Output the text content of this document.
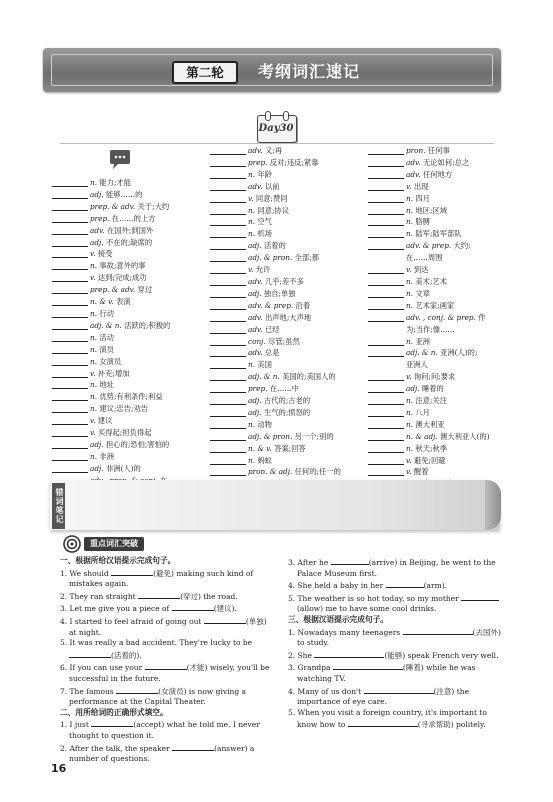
第二轮	考纲词汇速记
Day30
n. 能力;才能
adj. 能够……的
prep. & adv. 关于;大约
prep. 在……的上方
adv. 在国外;到国外
adj. 不在的;缺席的
v. 接受
n. 事故;意外的事
v. 达到;完成;成功
prep. & adv. 穿过
n. & v. 表演
n. 行动
adj. & n. 活跃的;积极的
n. 活动
n. 演员
n. 女演员
v. 补充;增加
n. 地址
n. 优势;有利条件;利益
n. 建议;忠告;劝告
v. 建议
v. 买得起;担负得起
adj. 担心的;恐怕;害怕的
n. 非洲
adj. 非洲(人)的
adv. 又;再
prep. 反对;违反;紧靠
n. 年龄
adv. 以前
v. 同意;赞同
n. 同意;协议
n. 空气
n. 机场
adj. 活着的
adj. & pron. 全部;都
v. 允许
adv. 几乎;差不多
adj. 独自;单独
adv. & prep. 沿着
adv. 出声地;大声地
adv. 已经
conj. 尽管;虽然
adv. 总是
n. 美国
adj. & n. 美国的;美国人的
prep. 在……中
adj. 古代的;古老的
adj. 生气的;愤怒的
n. 动物
adj. & pron. 另一个;别的
n. & v. 答案;回答
n. 蚂蚁
pron. & adj. 任何的;任一的
pron. 任何事
adv. 无论如何;总之
adv. 任何地方
v. 出现
n. 四月
n. 地区;区域
n. 胳膊
n. 陆军;陆军部队
adv. & prep. 大约;
在……周围
v. 到达
n. 美术;艺术
n. 文章
n. 艺术家;画家
adv. , conj. & prep. 作
为;当作;像……
n. 亚洲
adj. & n. 亚洲(人)的;
亚洲人
v. 询问;问;要求
adj. 睡着的
n. 注意;关注
n. 八月
n. 澳大利亚
n. & adj. 澳大利亚人(的)
n. 秋天;秋季
v. 避免;回避
v. 醒着
错词笔记
重点词汇突破

一、根据所给汉语提示完成句子。

1. We should	(避免) making such kind of mistakes again.

2. They ran straight	(穿过) the road.

3. Let me give you a piece of	(建议).

4. I started to feel afraid of going out	(单独) at night.

5. It was really a bad accident. They're lucky to be (活着的).

6. If you can use your	(才能) wisely, you'll be successful in the future.

7. The famous	(女演员) is now giving a performance at the Capital Theater.

二、用所给词的正确形式填空。

1. I just	(accept) what he told me. I never thought to question it.

2. After the talk, the speaker	(answer) a number of questions.

3. After he	(arrive) in Beijing, he went to the Palace Museum first.

4. She held a baby in her	(arm).

5. The weather is so hot today, so my mother (allow) me to have some cool drinks.

三、根据汉语提示完成句子。

1. Nowadays many teenagers	(去国外) to study.

2. She	(能够) speak French very well.

3. Grandpa	(睡着) while he was watching TV.

4. Many of us don't	(注意) the importance of eye care.

5. When you visit a foreign country, it's important to know how to	(寻求帮助) politely.

16
